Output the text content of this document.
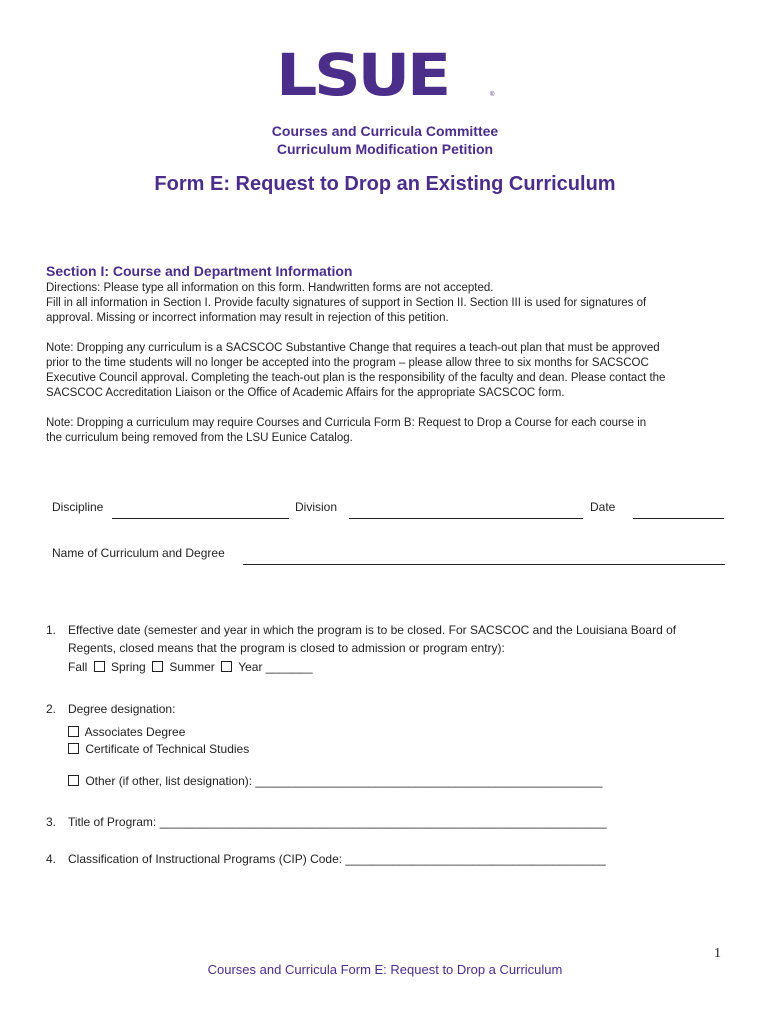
LSUE	®
Courses and Curricula Committee
Curriculum Modification Petition
Form E: Request to Drop an Existing Curriculum
Section I: Course and Department Information
Directions: Please type all information on this form. Handwritten forms are not accepted.
Fill in all information in Section I. Provide faculty signatures of support in Section II. Section III is used for signatures of
approval. Missing or incorrect information may result in rejection of this petition.
Note: Dropping any curriculum is a SACSCOC Substantive Change that requires a teach-out plan that must be approved
prior to the time students will no longer be accepted into the program – please allow three to six months for SACSCOC
Executive Council approval. Completing the teach-out plan is the responsibility of the faculty and dean. Please contact the
SACSCOC Accreditation Liaison or the Office of Academic Affairs for the appropriate SACSCOC form.
Note: Dropping a curriculum may require Courses and Curricula Form B: Request to Drop a Course for each course in
the curriculum being removed from the LSU Eunice Catalog.
Discipline	Division	Date
Name of Curriculum and Degree
1. Effective date (semester and year in which the program is to be closed. For SACSCOC and the Louisiana Board of
Regents, closed means that the program is closed to admission or program entry):
Fall Spring Summer Year _______
2. Degree designation:
Associates Degree
Certificate of Technical Studies
Other (if other, list designation): ____________________________________________________
3. Title of Program: ___________________________________________________________________
4. Classification of Instructional Programs (CIP) Code: _______________________________________
1
Courses and Curricula Form E: Request to Drop a Curriculum
